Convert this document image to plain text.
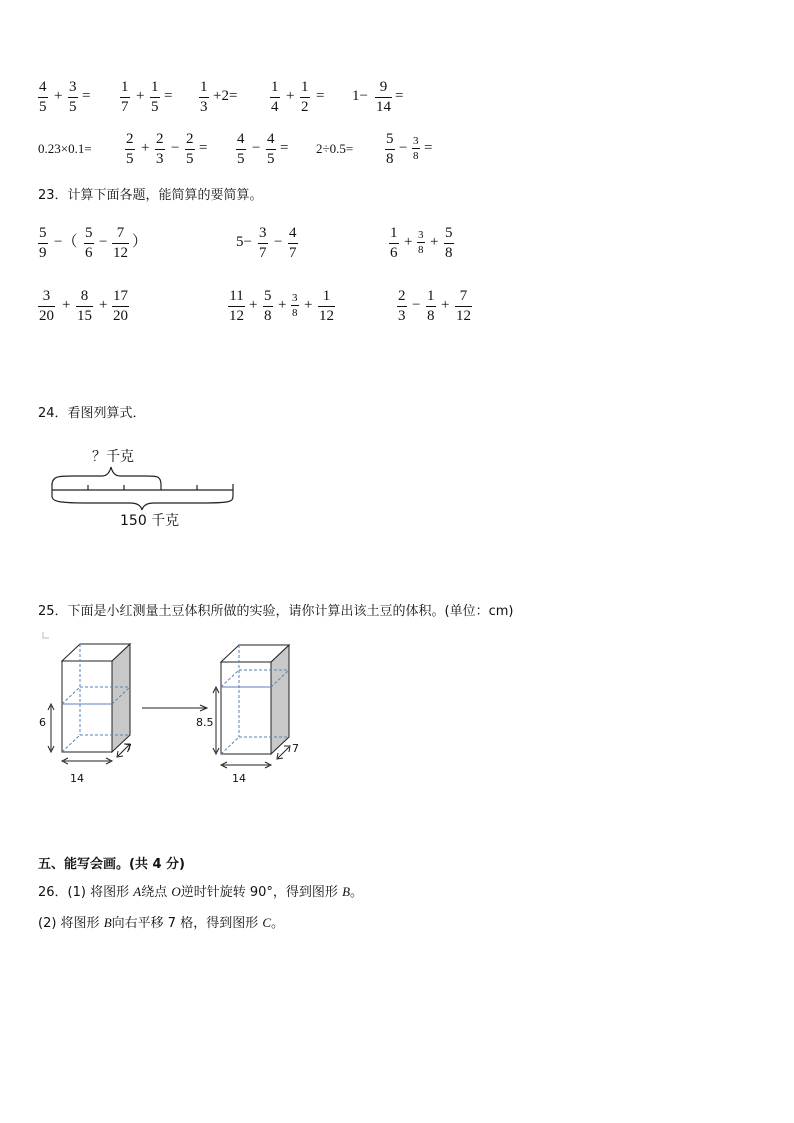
4
5
+
3
5
=
1
7
+
1
5
=
1
3
+2=
1
4
+
1
2
= 1−
9
14
=
0.23×0.1=
2
5
+
2
3
−
2
5
=
4
5
−
4
5
= 2÷0.5=
5
8
− 3
8 =
23．计算下面各题，能简算的要简算。
5
9
−（
5
6
−
7
12
）	5−
3
7
−
4
7
1
6
+ 3
8 +
5
8
3
20
+
8
15
+
17
20
11
12
+
5
8
+ 3
8 +
1
12
2
3
−
1
8
+
7
12
24．看图列算式．
？千克
150 千克
25．下面是小红测量土豆体积所做的实验，请你计算出该土豆的体积。(单位：cm)
6
14
7
8.5
14
7
五、能写会画。(共 4 分)
26．(1) 将图形 A绕点 O逆时针旋转 90°，得到图形 B。
(2) 将图形 B向右平移 7 格，得到图形 C。
